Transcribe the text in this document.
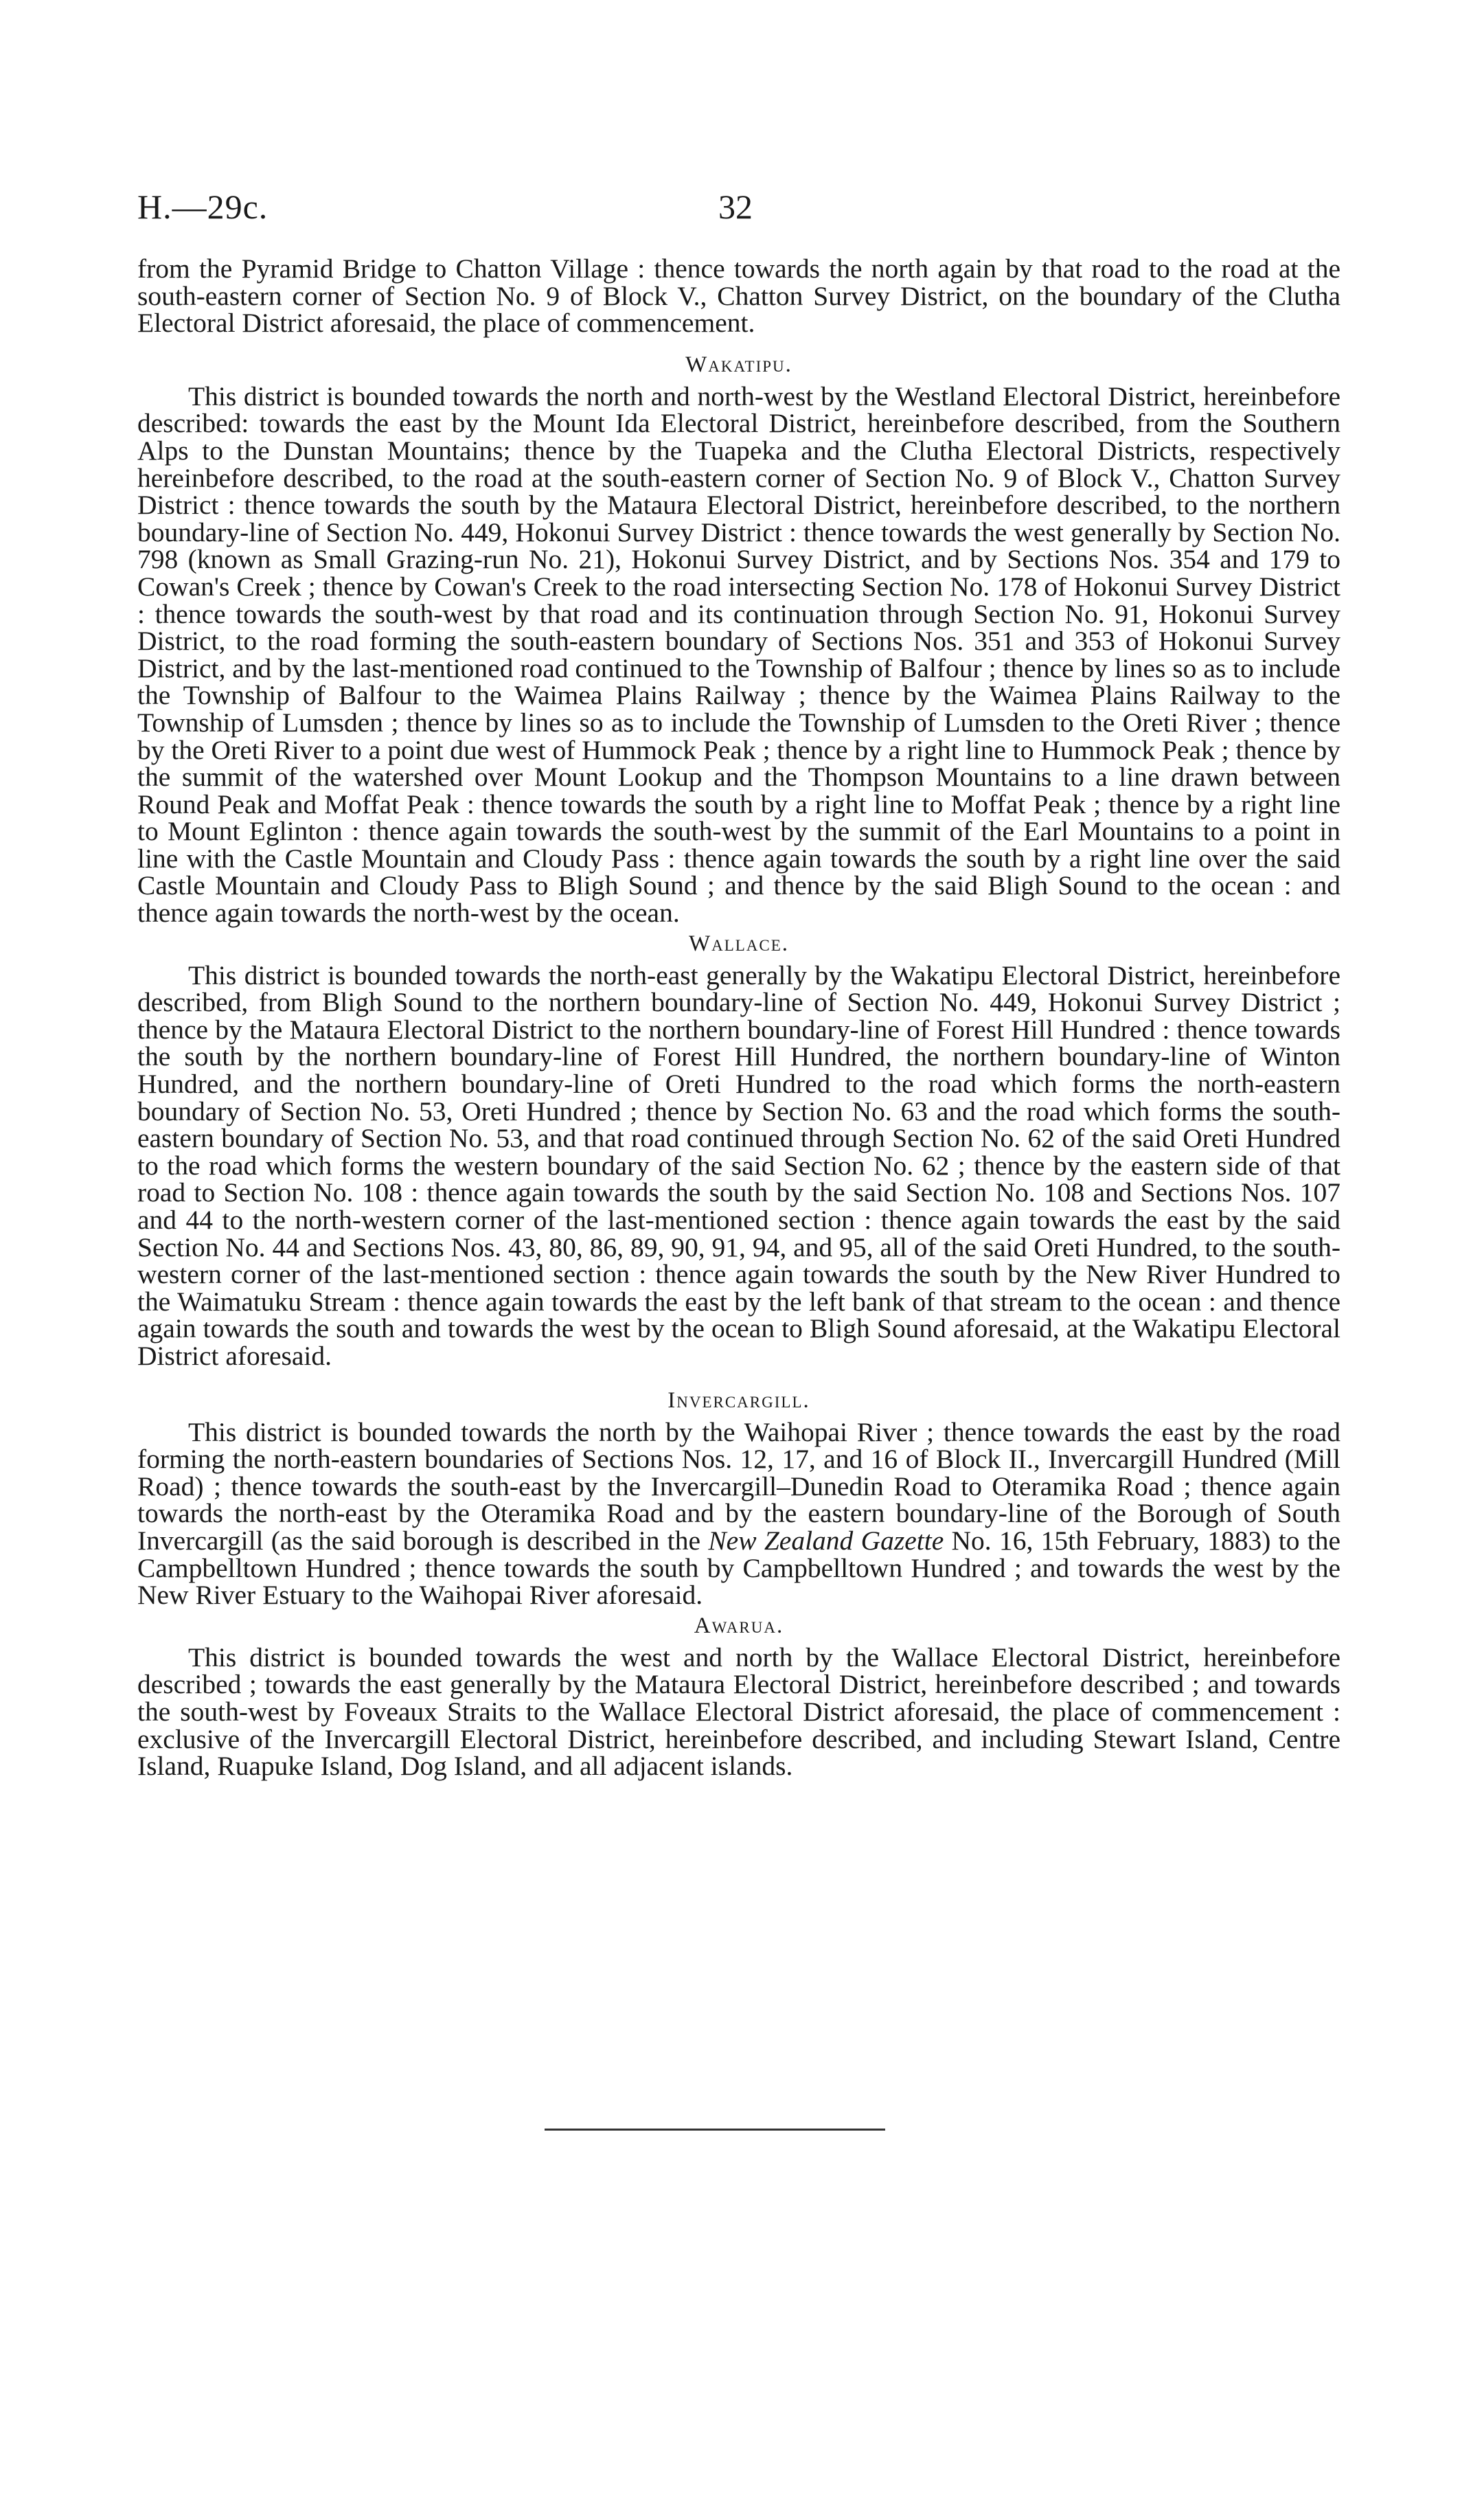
H.—29c.	32

from the Pyramid Bridge to Chatton Village : thence towards the north again by that road to the road at the south-eastern corner of Section No. 9 of Block V., Chatton Survey District, on the boundary of the Clutha Electoral District aforesaid, the place of commencement.

Wakatipu.

This district is bounded towards the north and north-west by the Westland Electoral District, hereinbefore described: towards the east by the Mount Ida Electoral District, hereinbefore described, from the Southern Alps to the Dunstan Mountains; thence by the Tuapeka and the Clutha Electoral Districts, respectively hereinbefore described, to the road at the south-eastern corner of Section No. 9 of Block V., Chatton Survey District : thence towards the south by the Mataura Electoral District, hereinbefore described, to the northern boundary-line of Section No. 449, Hokonui Survey District : thence towards the west generally by Section No. 798 (known as Small Grazing-run No. 21), Hokonui Survey District, and by Sections Nos. 354 and 179 to Cowan's Creek ; thence by Cowan's Creek to the road intersecting Section No. 178 of Hokonui Survey District : thence towards the south-west by that road and its continuation through Section No. 91, Hokonui Survey District, to the road forming the south-eastern boundary of Sections Nos. 351 and 353 of Hokonui Survey District, and by the last-mentioned road continued to the Township of Balfour ; thence by lines so as to include the Township of Balfour to the Waimea Plains Railway ; thence by the Waimea Plains Railway to the Township of Lumsden ; thence by lines so as to include the Township of Lumsden to the Oreti River ; thence by the Oreti River to a point due west of Hummock Peak ; thence by a right line to Hummock Peak ; thence by the summit of the watershed over Mount Lookup and the Thompson Mountains to a line drawn between Round Peak and Moffat Peak : thence towards the south by a right line to Moffat Peak ; thence by a right line to Mount Eglinton : thence again towards the south-west by the summit of the Earl Mountains to a point in line with the Castle Mountain and Cloudy Pass : thence again towards the south by a right line over the said Castle Mountain and Cloudy Pass to Bligh Sound ; and thence by the said Bligh Sound to the ocean : and thence again towards the north-west by the ocean.

Wallace.

This district is bounded towards the north-east generally by the Wakatipu Electoral District, hereinbefore described, from Bligh Sound to the northern boundary-line of Section No. 449, Hokonui Survey District ; thence by the Mataura Electoral District to the northern boundary-line of Forest Hill Hundred : thence towards the south by the northern boundary-line of Forest Hill Hundred, the northern boundary-line of Winton Hundred, and the northern boundary-line of Oreti Hundred to the road which forms the north-eastern boundary of Section No. 53, Oreti Hundred ; thence by Section No. 63 and the road which forms the south-eastern boundary of Section No. 53, and that road continued through Section No. 62 of the said Oreti Hundred to the road which forms the western boundary of the said Section No. 62 ; thence by the eastern side of that road to Section No. 108 : thence again towards the south by the said Section No. 108 and Sections Nos. 107 and 44 to the north-western corner of the last-mentioned section : thence again towards the east by the said Section No. 44 and Sections Nos. 43, 80, 86, 89, 90, 91, 94, and 95, all of the said Oreti Hundred, to the south-western corner of the last-mentioned section : thence again towards the south by the New River Hundred to the Waimatuku Stream : thence again towards the east by the left bank of that stream to the ocean : and thence again towards the south and towards the west by the ocean to Bligh Sound aforesaid, at the Wakatipu Electoral District aforesaid.

Invercargill.

This district is bounded towards the north by the Waihopai River ; thence towards the east by the road forming the north-eastern boundaries of Sections Nos. 12, 17, and 16 of Block II., Invercargill Hundred (Mill Road) ; thence towards the south-east by the Invercargill–Dunedin Road to Oteramika Road ; thence again towards the north-east by the Oteramika Road and by the eastern boundary-line of the Borough of South Invercargill (as the said borough is described in the New Zealand Gazette No. 16, 15th February, 1883) to the Campbelltown Hundred ; thence towards the south by Campbelltown Hundred ; and towards the west by the New River Estuary to the Waihopai River aforesaid.

Awarua.

This district is bounded towards the west and north by the Wallace Electoral District, hereinbefore described ; towards the east generally by the Mataura Electoral District, hereinbefore described ; and towards the south-west by Foveaux Straits to the Wallace Electoral District aforesaid, the place of commencement : exclusive of the Invercargill Electoral District, hereinbefore described, and including Stewart Island, Centre Island, Ruapuke Island, Dog Island, and all adjacent islands.
